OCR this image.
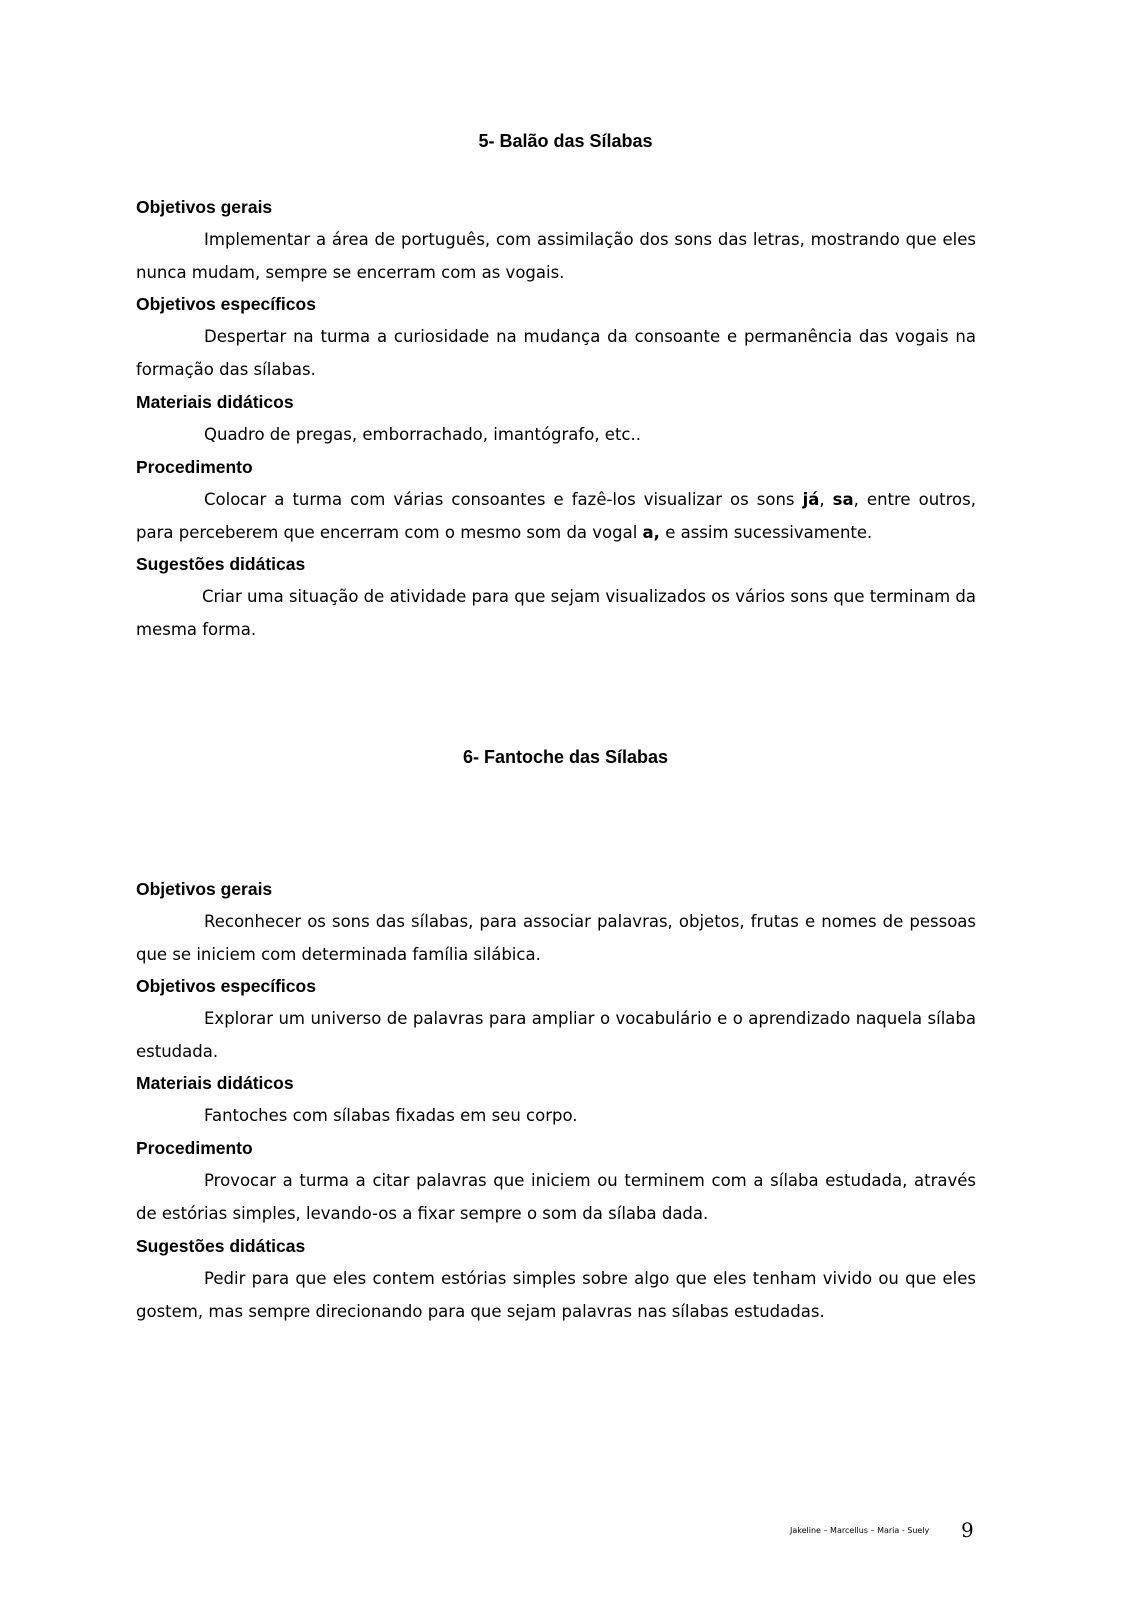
5- Balão das Sílabas
Objetivos gerais

Implementar a área de português, com assimilação dos sons das letras, mostrando que eles nunca mudam, sempre se encerram com as vogais.

Objetivos específicos

Despertar na turma a curiosidade na mudança da consoante e permanência das vogais na formação das sílabas.

Materiais didáticos

Quadro de pregas, emborrachado, imantógrafo, etc..

Procedimento

Colocar a turma com várias consoantes e fazê-los visualizar os sons já, sa, entre outros, para perceberem que encerram com o mesmo som da vogal a, e assim sucessivamente.

Sugestões didáticas

Criar uma situação de atividade para que sejam visualizados os vários sons que terminam da mesma forma.

6- Fantoche das Sílabas
Objetivos gerais

Reconhecer os sons das sílabas, para associar palavras, objetos, frutas e nomes de pessoas que se iniciem com determinada família silábica.

Objetivos específicos

Explorar um universo de palavras para ampliar o vocabulário e o aprendizado naquela sílaba estudada.

Materiais didáticos

Fantoches com sílabas fixadas em seu corpo.

Procedimento

Provocar a turma a citar palavras que iniciem ou terminem com a sílaba estudada, através de estórias simples, levando-os a fixar sempre o som da sílaba dada.

Sugestões didáticas

Pedir para que eles contem estórias simples sobre algo que eles tenham vivido ou que eles gostem, mas sempre direcionando para que sejam palavras nas sílabas estudadas.

Jakeline – Marcellus – Maria - Suely 9
